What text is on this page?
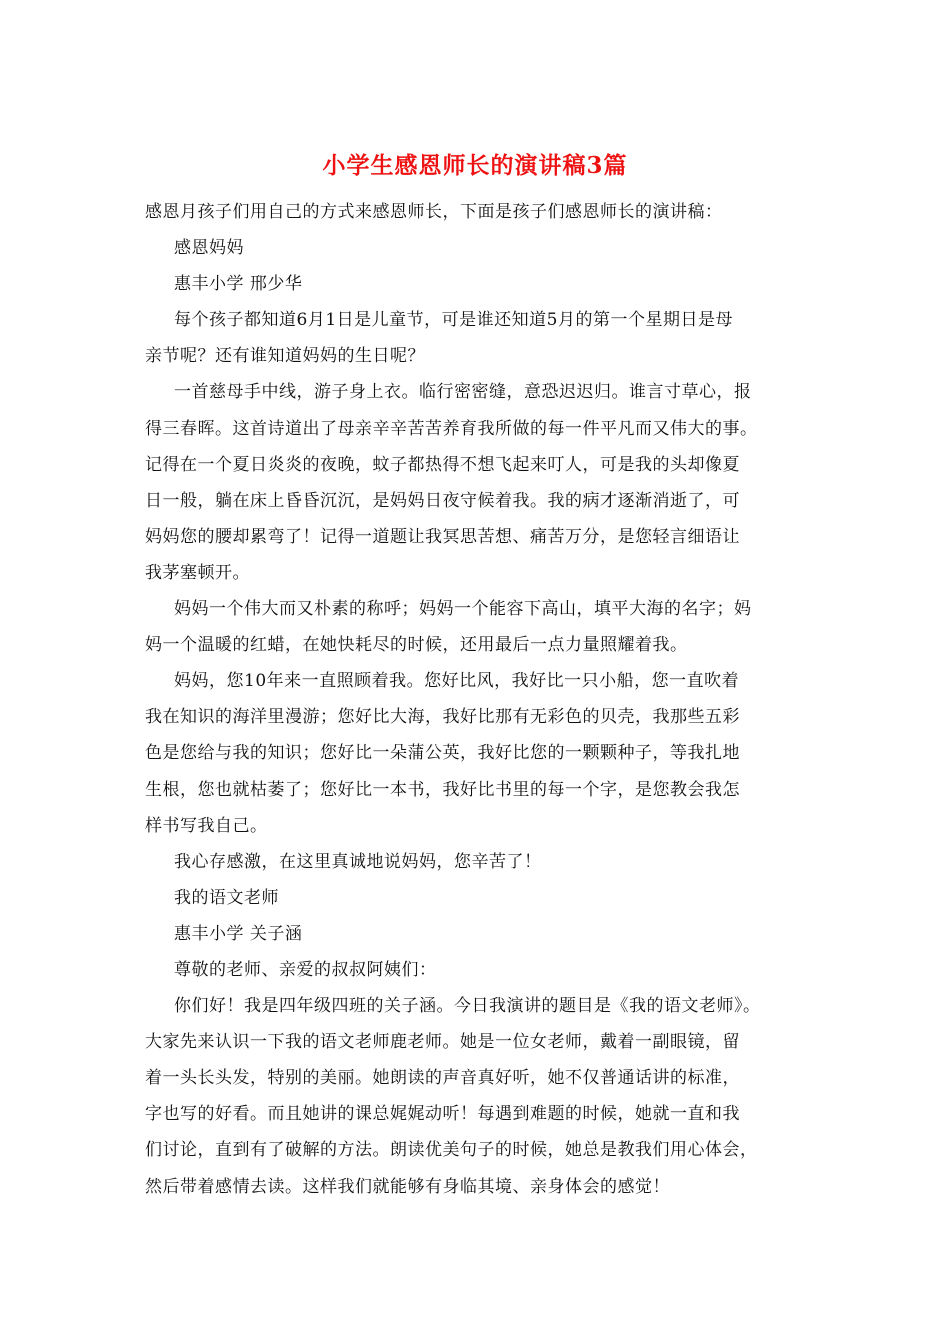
小学生感恩师长的演讲稿3篇
感恩月孩子们用自己的方式来感恩师长，下面是孩子们感恩师长的演讲稿：
感恩妈妈
惠丰小学 邢少华
每个孩子都知道6月1日是儿童节，可是谁还知道5月的第一个星期日是母
亲节呢？还有谁知道妈妈的生日呢？
一首慈母手中线，游子身上衣。临行密密缝，意恐迟迟归。谁言寸草心，报
得三春晖。这首诗道出了母亲辛辛苦苦养育我所做的每一件平凡而又伟大的事。
记得在一个夏日炎炎的夜晚，蚊子都热得不想飞起来叮人，可是我的头却像夏
日一般，躺在床上昏昏沉沉，是妈妈日夜守候着我。我的病才逐渐消逝了，可
妈妈您的腰却累弯了！记得一道题让我冥思苦想、痛苦万分，是您轻言细语让
我茅塞顿开。
妈妈一个伟大而又朴素的称呼；妈妈一个能容下高山，填平大海的名字；妈
妈一个温暖的红蜡，在她快耗尽的时候，还用最后一点力量照耀着我。
妈妈，您10年来一直照顾着我。您好比风，我好比一只小船，您一直吹着
我在知识的海洋里漫游；您好比大海，我好比那有无彩色的贝壳，我那些五彩
色是您给与我的知识；您好比一朵蒲公英，我好比您的一颗颗种子，等我扎地
生根，您也就枯萎了；您好比一本书，我好比书里的每一个字，是您教会我怎
样书写我自己。
我心存感激，在这里真诚地说妈妈，您辛苦了！
我的语文老师
惠丰小学 关子涵
尊敬的老师、亲爱的叔叔阿姨们：
你们好！我是四年级四班的关子涵。今日我演讲的题目是《我的语文老师》。
大家先来认识一下我的语文老师鹿老师。她是一位女老师，戴着一副眼镜，留
着一头长头发，特别的美丽。她朗读的声音真好听，她不仅普通话讲的标准，
字也写的好看。而且她讲的课总娓娓动听！每遇到难题的时候，她就一直和我
们讨论，直到有了破解的方法。朗读优美句子的时候，她总是教我们用心体会，
然后带着感情去读。这样我们就能够有身临其境、亲身体会的感觉！
